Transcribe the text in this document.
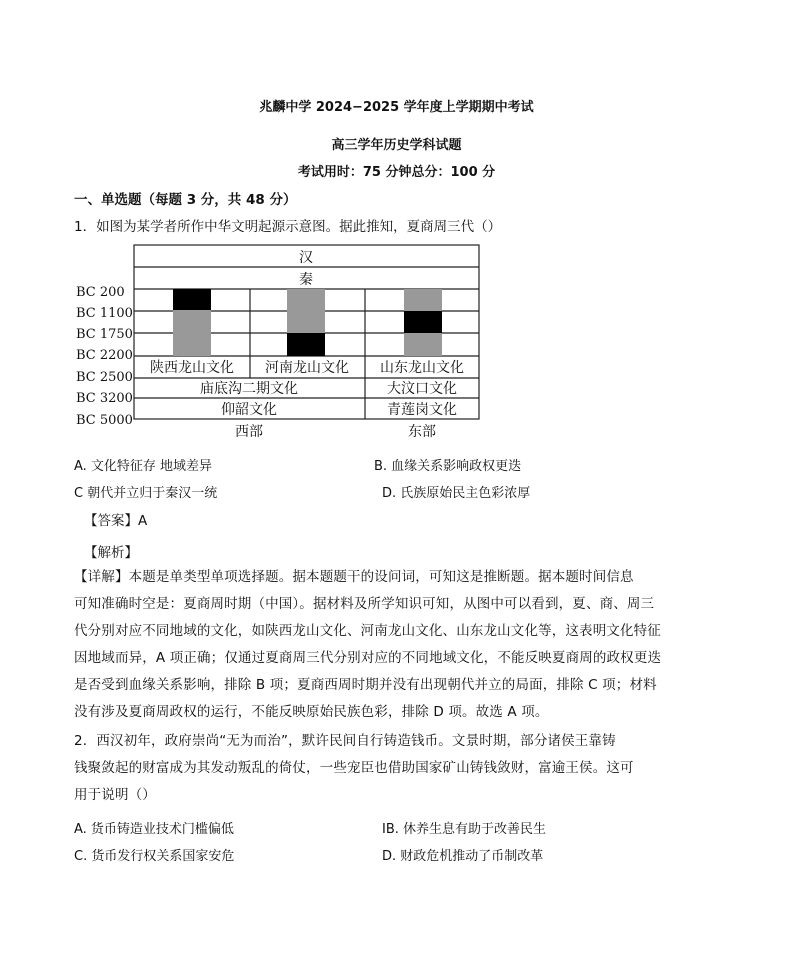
兆麟中学 2024−2025 学年度上学期期中考试
高三学年历史学科试题
考试用时：75 分钟总分：100 分
一、单选题（每题 3 分，共 48 分）
1．如图为某学者所作中华文明起源示意图。据此推知，夏商周三代（）
BC 200
BC 1100
BC 1750
BC 2200
BC 2500
BC 3200
BC 5000
汉
秦
陕西龙山文化 河南龙山文化 山东龙山文化
庙底沟二期文化	大汶口文化
仰韶文化	青莲岗文化
西部	东部
A. 文化特征存 地域差异	B. 血缘关系影响政权更迭
C 朝代并立归于秦汉一统	D. 氏族原始民主色彩浓厚
【答案】A
【解析】
【详解】本题是单类型单项选择题。据本题题干的设问词，可知这是推断题。据本题时间信息
可知准确时空是：夏商周时期（中国）。据材料及所学知识可知，从图中可以看到，夏、商、周三
代分别对应不同地域的文化，如陕西龙山文化、河南龙山文化、山东龙山文化等，这表明文化特征
因地域而异，A 项正确；仅通过夏商周三代分别对应的不同地域文化，不能反映夏商周的政权更迭
是否受到血缘关系影响，排除 B 项；夏商西周时期并没有出现朝代并立的局面，排除 C 项；材料
没有涉及夏商周政权的运行，不能反映原始民族色彩，排除 D 项。故选 A 项。
2．西汉初年，政府崇尚“无为而治”，默许民间自行铸造钱币。文景时期，部分诸侯王靠铸
钱聚敛起的财富成为其发动叛乱的倚仗，一些宠臣也借助国家矿山铸钱敛财，富逾王侯。这可
用于说明（）
A. 货币铸造业技术门槛偏低	IB. 休养生息有助于改善民生
C. 货币发行权关系国家安危	D. 财政危机推动了币制改革
